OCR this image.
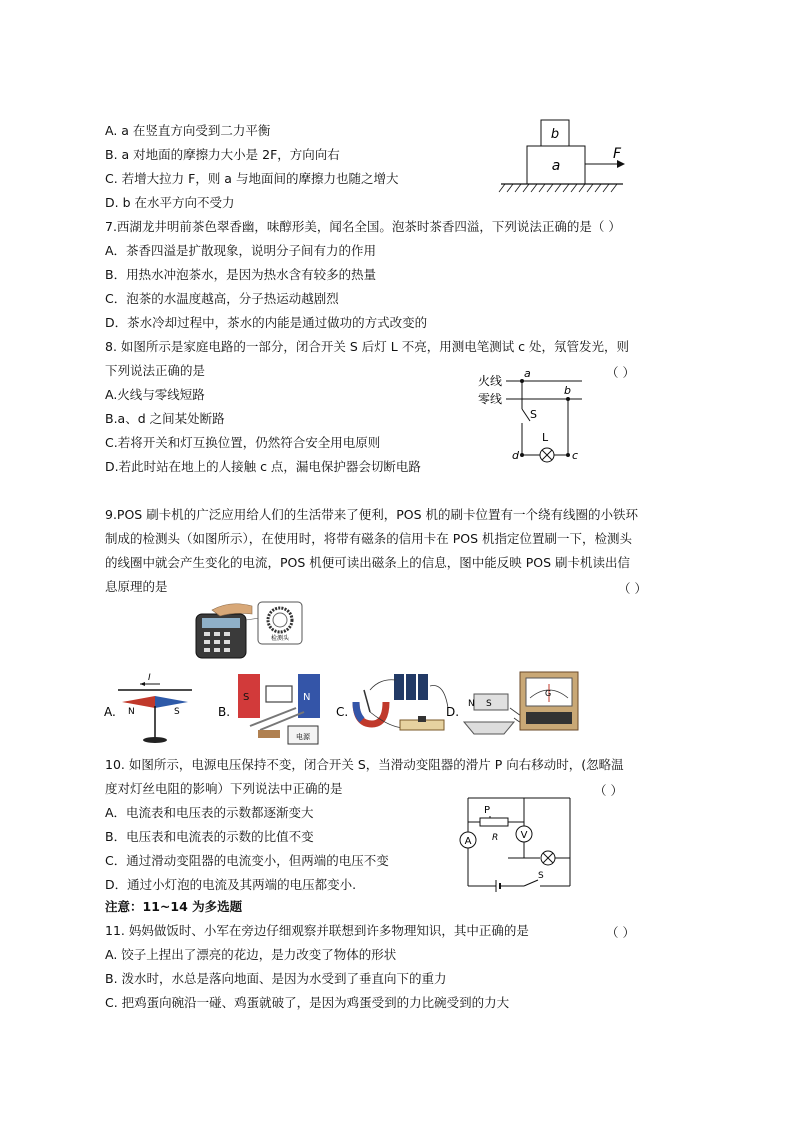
A. a 在竖直方向受到二力平衡
B. a 对地面的摩擦力大小是 2F，方向向右
C. 若增大拉力 F，则 a 与地面间的摩擦力也随之增大
D. b 在水平方向不受力
b
a
F
7.西湖龙井明前茶色翠香幽，味醇形美，闻名全国。泡茶时茶香四溢，下列说法正确的是（ ）
A．茶香四溢是扩散现象，说明分子间有力的作用
B．用热水冲泡茶水，是因为热水含有较多的热量
C．泡茶的水温度越高，分子热运动越剧烈
D．茶水冷却过程中，茶水的内能是通过做功的方式改变的
8. 如图所示是家庭电路的一部分，闭合开关 S 后灯 L 不亮，用测电笔测试 c 处，氖管发光，则
下列说法正确的是	（ ）
A.火线与零线短路
B.a、d 之间某处断路
C.若将开关和灯互换位置，仍然符合安全用电原则
D.若此时站在地上的人接触 c 点，漏电保护器会切断电路
火线
零线
a
b
S
d
L
c
9.POS 刷卡机的广泛应用给人们的生活带来了便利，POS 机的刷卡位置有一个绕有线圈的小铁环
制成的检测头（如图所示），在使用时，将带有磁条的信用卡在 POS 机指定位置刷一下，检测头
的线圈中就会产生变化的电流，POS 机便可读出磁条上的信息，图中能反映 POS 刷卡机读出信
息原理的是	（ ）
检测头
A.
I
N	S	B.
S	N
电源
C.	D.
S
N
G
10. 如图所示，电源电压保持不变，闭合开关 S，当滑动变阻器的滑片 P 向右移动时，(忽略温
度对灯丝电阻的影响）下列说法中正确的是	（ ）
A．电流表和电压表的示数都逐渐变大
B．电压表和电流表的示数的比值不变
C．通过滑动变阻器的电流变小，但两端的电压不变
D．通过小灯泡的电流及其两端的电压都变小.
A
P
R V
S
注意：11~14 为多选题
11. 妈妈做饭时、小军在旁边仔细观察并联想到许多物理知识，其中正确的是	（ ）
A. 饺子上捏出了漂亮的花边，是力改变了物体的形状
B. 泼水时，水总是落向地面、是因为水受到了垂直向下的重力
C. 把鸡蛋向碗沿一碰、鸡蛋就破了，是因为鸡蛋受到的力比碗受到的力大
